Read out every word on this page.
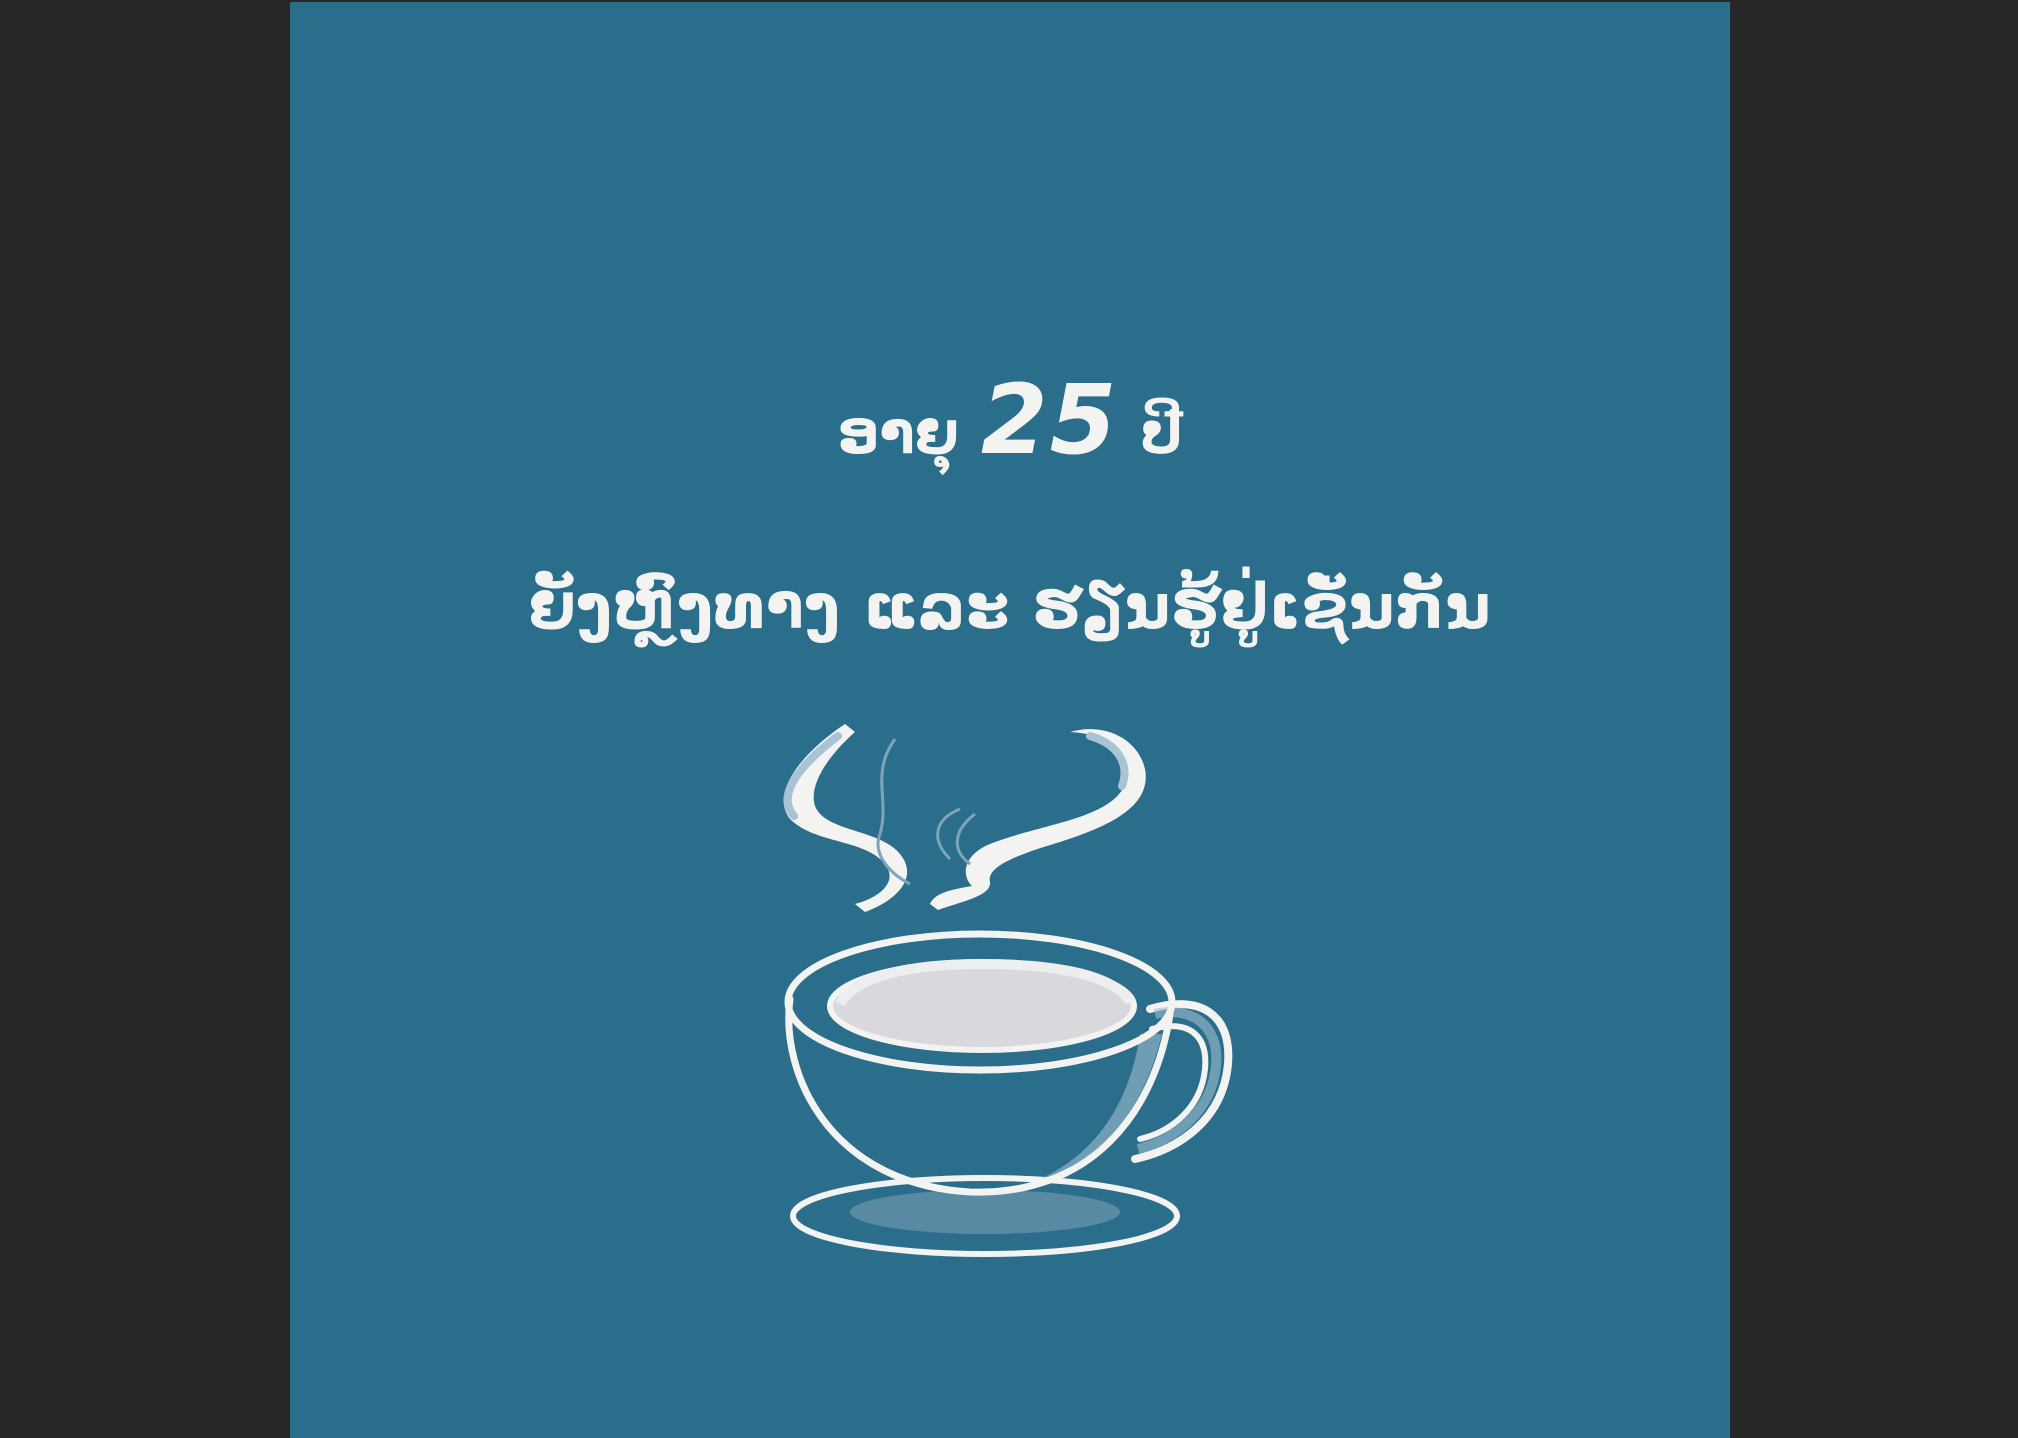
ອາຍຸ 25 ປີ
ຍັງຫຼົງທາງ ແລະ ຮຽນຮູ້ຢູ່ເຊັ່ນກັນ
